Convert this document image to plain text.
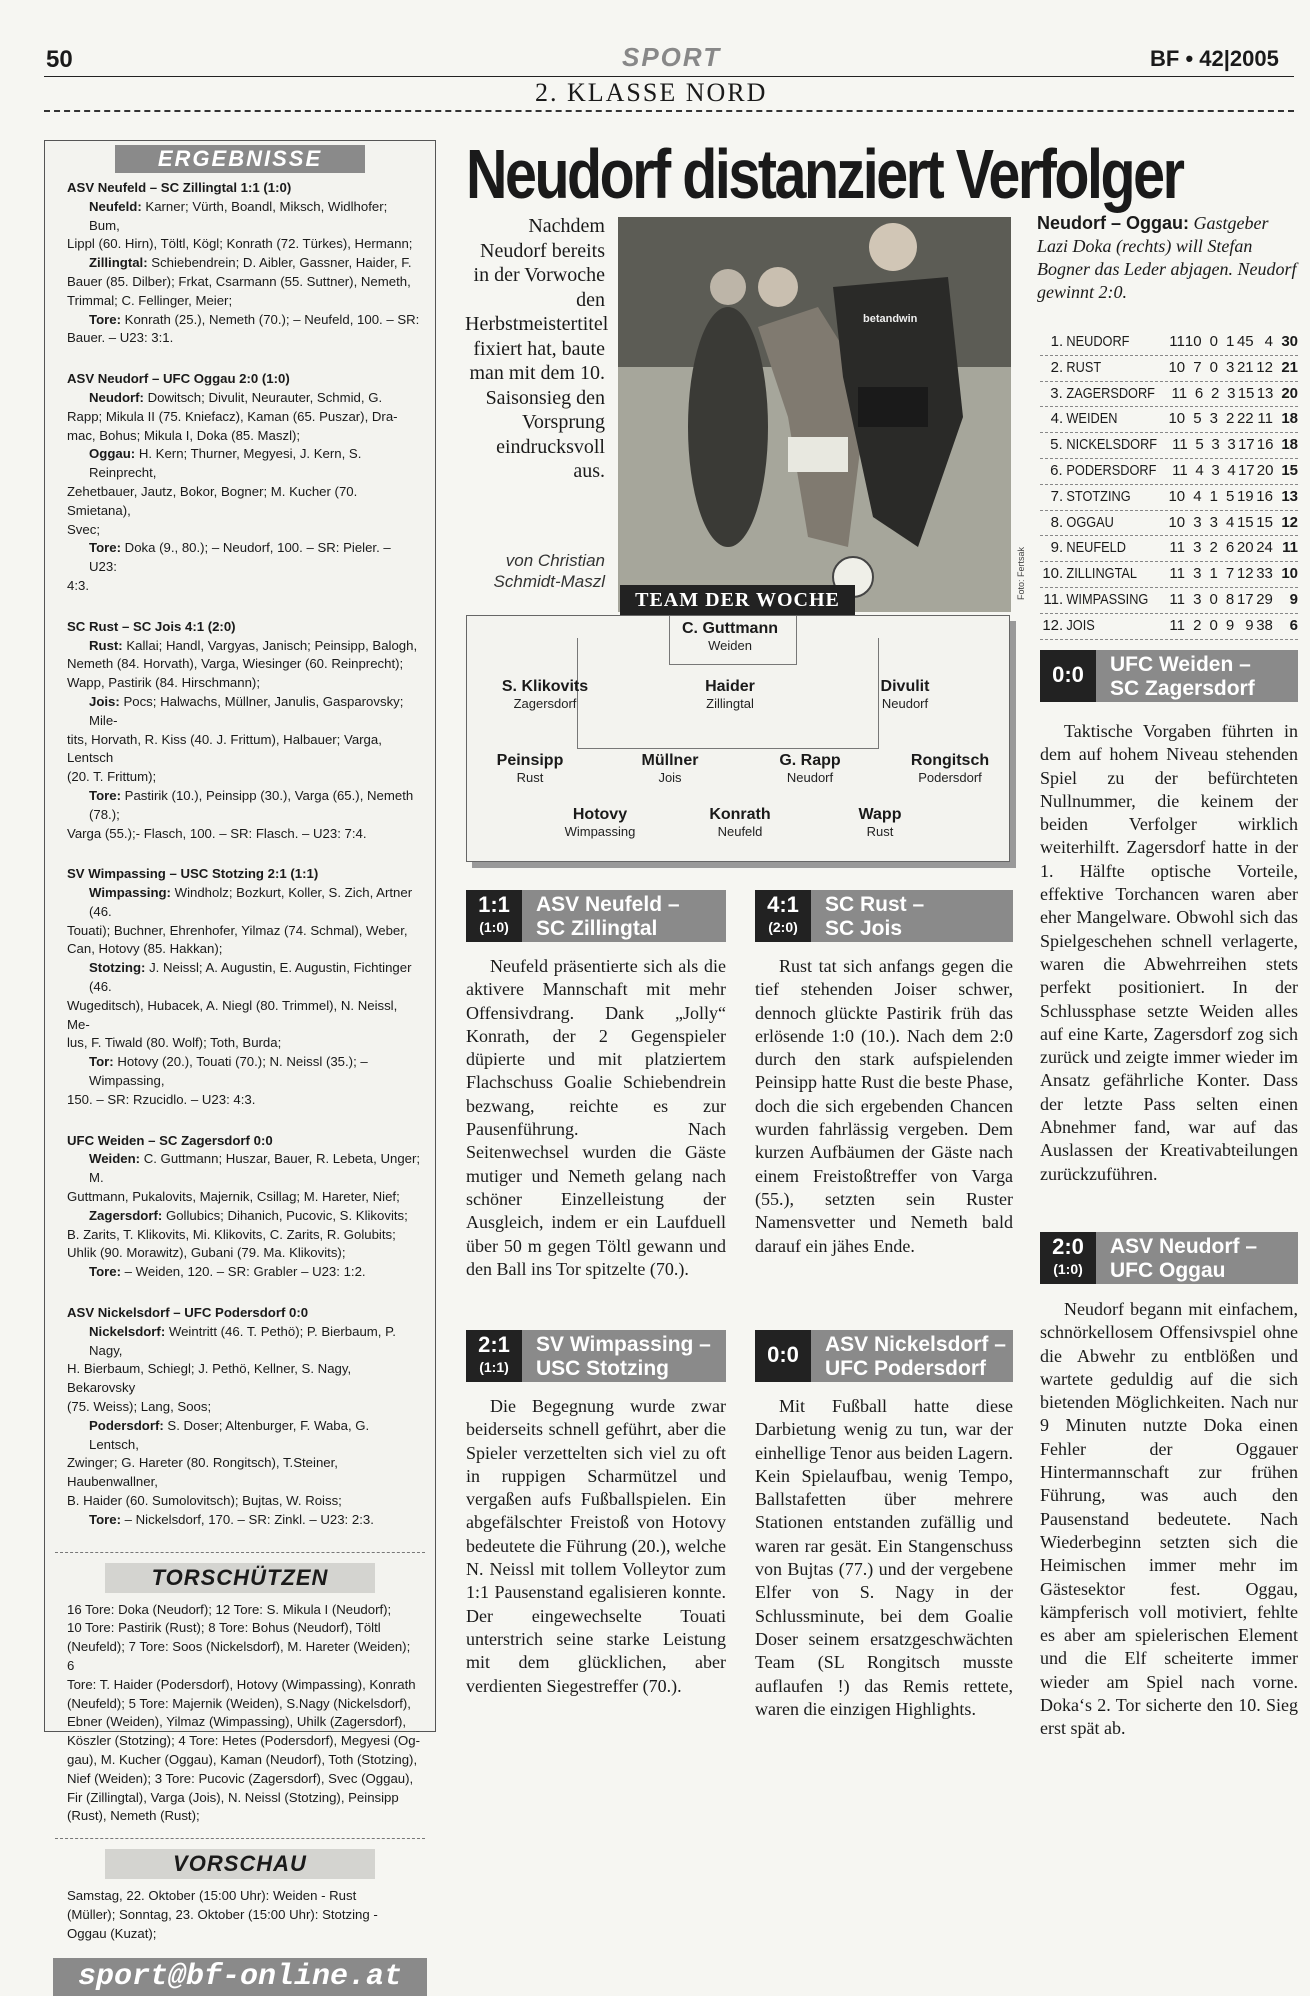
50	SPORT	BF • 42|2005
2. KLASSE NORD
ERGEBNISSE
ASV Neufeld – SC Zillingtal 1:1 (1:0)
Neufeld: Karner; Vürth, Boandl, Miksch, Widlhofer; Bum,
Lippl (60. Hirn), Töltl, Kögl; Konrath (72. Türkes), Hermann;
Zillingtal: Schiebendrein; D. Aibler, Gassner, Haider, F.
Bauer (85. Dilber); Frkat, Csarmann (55. Suttner), Nemeth,
Trimmal; C. Fellinger, Meier;
Tore: Konrath (25.), Nemeth (70.); – Neufeld, 100. – SR:
Bauer. – U23: 3:1.
ASV Neudorf – UFC Oggau 2:0 (1:0)
Neudorf: Dowitsch; Divulit, Neurauter, Schmid, G.
Rapp; Mikula II (75. Kniefacz), Kaman (65. Puszar), Dra-
mac, Bohus; Mikula I, Doka (85. Maszl);
Oggau: H. Kern; Thurner, Megyesi, J. Kern, S. Reinprecht,
Zehetbauer, Jautz, Bokor, Bogner; M. Kucher (70. Smietana),
Svec;
Tore: Doka (9., 80.); – Neudorf, 100. – SR: Pieler. – U23:
4:3.
SC Rust – SC Jois 4:1 (2:0)
Rust: Kallai; Handl, Vargyas, Janisch; Peinsipp, Balogh,
Nemeth (84. Horvath), Varga, Wiesinger (60. Reinprecht);
Wapp, Pastirik (84. Hirschmann);
Jois: Pocs; Halwachs, Müllner, Janulis, Gasparovsky; Mile-
tits, Horvath, R. Kiss (40. J. Frittum), Halbauer; Varga, Lentsch
(20. T. Frittum);
Tore: Pastirik (10.), Peinsipp (30.), Varga (65.), Nemeth (78.);
Varga (55.);- Flasch, 100. – SR: Flasch. – U23: 7:4.
SV Wimpassing – USC Stotzing 2:1 (1:1)
Wimpassing: Windholz; Bozkurt, Koller, S. Zich, Artner (46.
Touati); Buchner, Ehrenhofer, Yilmaz (74. Schmal), Weber,
Can, Hotovy (85. Hakkan);
Stotzing: J. Neissl; A. Augustin, E. Augustin, Fichtinger (46.
Wugeditsch), Hubacek, A. Niegl (80. Trimmel), N. Neissl, Me-
lus, F. Tiwald (80. Wolf); Toth, Burda;
Tor: Hotovy (20.), Touati (70.); N. Neissl (35.); –Wimpassing,
150. – SR: Rzucidlo. – U23: 4:3.
UFC Weiden – SC Zagersdorf 0:0
Weiden: C. Guttmann; Huszar, Bauer, R. Lebeta, Unger; M.
Guttmann, Pukalovits, Majernik, Csillag; M. Hareter, Nief;
Zagersdorf: Gollubics; Dihanich, Pucovic, S. Klikovits;
B. Zarits, T. Klikovits, Mi. Klikovits, C. Zarits, R. Golubits;
Uhlik (90. Morawitz), Gubani (79. Ma. Klikovits);
Tore: – Weiden, 120. – SR: Grabler – U23: 1:2.
ASV Nickelsdorf – UFC Podersdorf 0:0
Nickelsdorf: Weintritt (46. T. Pethö); P. Bierbaum, P. Nagy,
H. Bierbaum, Schiegl; J. Pethö, Kellner, S. Nagy, Bekarovsky
(75. Weiss); Lang, Soos;
Podersdorf: S. Doser; Altenburger, F. Waba, G. Lentsch,
Zwinger; G. Hareter (80. Rongitsch), T.Steiner, Haubenwallner,
B. Haider (60. Sumolovitsch); Bujtas, W. Roiss;
Tore: – Nickelsdorf, 170. – SR: Zinkl. – U23: 2:3.
TORSCHÜTZEN
16 Tore: Doka (Neudorf); 12 Tore: S. Mikula I (Neudorf);
10 Tore: Pastirik (Rust); 8 Tore: Bohus (Neudorf), Töltl
(Neufeld); 7 Tore: Soos (Nickelsdorf), M. Hareter (Weiden); 6
Tore: T. Haider (Podersdorf), Hotovy (Wimpassing), Konrath
(Neufeld); 5 Tore: Majernik (Weiden), S.Nagy (Nickelsdorf),
Ebner (Weiden), Yilmaz (Wimpassing), Uhilk (Zagersdorf),
Köszler (Stotzing); 4 Tore: Hetes (Podersdorf), Megyesi (Og-
gau), M. Kucher (Oggau), Kaman (Neudorf), Toth (Stotzing),
Nief (Weiden); 3 Tore: Pucovic (Zagersdorf), Svec (Oggau),
Fir (Zillingtal), Varga (Jois), N. Neissl (Stotzing), Peinsipp
(Rust), Nemeth (Rust);
VORSCHAU
Samstag, 22. Oktober (15:00 Uhr): Weiden - Rust
(Müller); Sonntag, 23. Oktober (15:00 Uhr): Stotzing -
Oggau (Kuzat);
sport@bf-online.at
Neudorf distanziert Verfolger
Nachdem Neudorf bereits in der Vorwoche den Herbstmeistertitel fixiert hat, baute man mit dem 10. Saisonsieg den Vorsprung eindrucksvoll aus.
von Christian Schmidt-Maszl
betandwin
Foto: Fertsak
Neudorf – Oggau: Gastgeber Lazi Doka (rechts) will Stefan Bogner das Leder abjagen. Neudorf gewinnt 2:0.
1. NEUDORF	11 10 0 1 45 4 30
2. RUST	10 7 0 3 21 12 21
3. ZAGERSDORF 11 6 2 3 15 13 20
4. WEIDEN	10 5 3 2 22 11 18
5. NICKELSDORF 11 5 3 3 17 16 18
6. PODERSDORF 11 4 3 4 17 20 15
7. STOTZING	10 4 1 5 19 16 13
8. OGGAU	10 3 3 4 15 15 12
9. NEUFELD	11 3 2 6 20 24 11
10. ZILLINGTAL	11 3 1 7 12 33 10
11. WIMPASSING 11 3 0 8 17 29	9
12. JOIS	11 2 0 9 9 38	6
TEAM DER WOCHE
C. Guttmann
Weiden
S. Klikovits
Zagersdorf
Haider
Zillingtal
Divulit
Neudorf
Peinsipp
Rust
Müllner
Jois
G. Rapp
Neudorf
Rongitsch
Podersdorf
Hotovy
Wimpassing
Konrath
Neufeld
Wapp
Rust
1:1
(1:0)
ASV Neufeld –
SC Zillingtal

Neufeld präsentierte sich als die aktivere Mannschaft mit mehr Offensivdrang. Dank „Jolly“ Konrath, der 2 Gegenspieler düpierte und mit platziertem Flachschuss Goalie Schiebendrein bezwang, reichte es zur Pausenführung. Nach Seitenwechsel wurden die Gäste mutiger und Nemeth gelang nach schöner Einzelleistung der Ausgleich, indem er ein Laufduell über 50 m gegen Töltl gewann und den Ball ins Tor spitzelte (70.).

4:1
(2:0)
SC Rust –
SC Jois

Rust tat sich anfangs gegen die tief stehenden Joiser schwer, dennoch glückte Pastirik früh das erlösende 1:0 (10.). Nach dem 2:0 durch den stark aufspielenden Peinsipp hatte Rust die beste Phase, doch die sich ergebenden Chancen wurden fahrlässig vergeben. Dem kurzen Aufbäumen der Gäste nach einem Freistoßtreffer von Varga (55.), setzten sein Ruster Namensvetter und Nemeth bald darauf ein jähes Ende.

0:0	UFC Weiden –
SC Zagersdorf

Taktische Vorgaben führten in dem auf hohem Niveau stehenden Spiel zu der befürchteten Nullnummer, die keinem der beiden Verfolger wirklich weiterhilft. Zagersdorf hatte in der 1. Hälfte optische Vorteile, effektive Torchancen waren aber eher Mangelware. Obwohl sich das Spielgeschehen schnell verlagerte, waren die Abwehrreihen stets perfekt positioniert. In der Schlussphase setzte Weiden alles auf eine Karte, Zagersdorf zog sich zurück und zeigte immer wieder im Ansatz gefährliche Konter. Dass der letzte Pass selten einen Abnehmer fand, war auf das Auslassen der Kreativabteilungen zurückzuführen.

2:1
(1:1)
SV Wimpassing –
USC Stotzing

Die Begegnung wurde zwar beiderseits schnell geführt, aber die Spieler verzettelten sich viel zu oft in ruppigen Scharmützel und vergaßen aufs Fußballspielen. Ein abgefälschter Freistoß von Hotovy bedeutete die Führung (20.), welche N. Neissl mit tollem Volleytor zum 1:1 Pausenstand egalisieren konnte. Der eingewechselte Touati unterstrich seine starke Leistung mit dem glücklichen, aber verdienten Siegestreffer (70.).

0:0	ASV Nickelsdorf –
UFC Podersdorf

Mit Fußball hatte diese Darbietung wenig zu tun, war der einhellige Tenor aus beiden Lagern. Kein Spielaufbau, wenig Tempo, Ballstafetten über mehrere Stationen entstanden zufällig und waren rar gesät. Ein Stangenschuss von Bujtas (77.) und der vergebene Elfer von S. Nagy in der Schlussminute, bei dem Goalie Doser seinem ersatzgeschwächten Team (SL Rongitsch musste auflaufen !) das Remis rettete, waren die einzigen Highlights.

2:0
(1:0)
ASV Neudorf –
UFC Oggau

Neudorf begann mit einfachem, schnörkellosem Offensivspiel ohne die Abwehr zu entblößen und wartete geduldig auf die sich bietenden Möglichkeiten. Nach nur 9 Minuten nutzte Doka einen Fehler der Oggauer Hintermannschaft zur frühen Führung, was auch den Pausenstand bedeutete. Nach Wiederbeginn setzten sich die Heimischen immer mehr im Gästesektor fest. Oggau, kämpferisch voll motiviert, fehlte es aber am spielerischen Element und die Elf scheiterte immer wieder am Spiel nach vorne. Doka‘s 2. Tor sicherte den 10. Sieg erst spät ab.
